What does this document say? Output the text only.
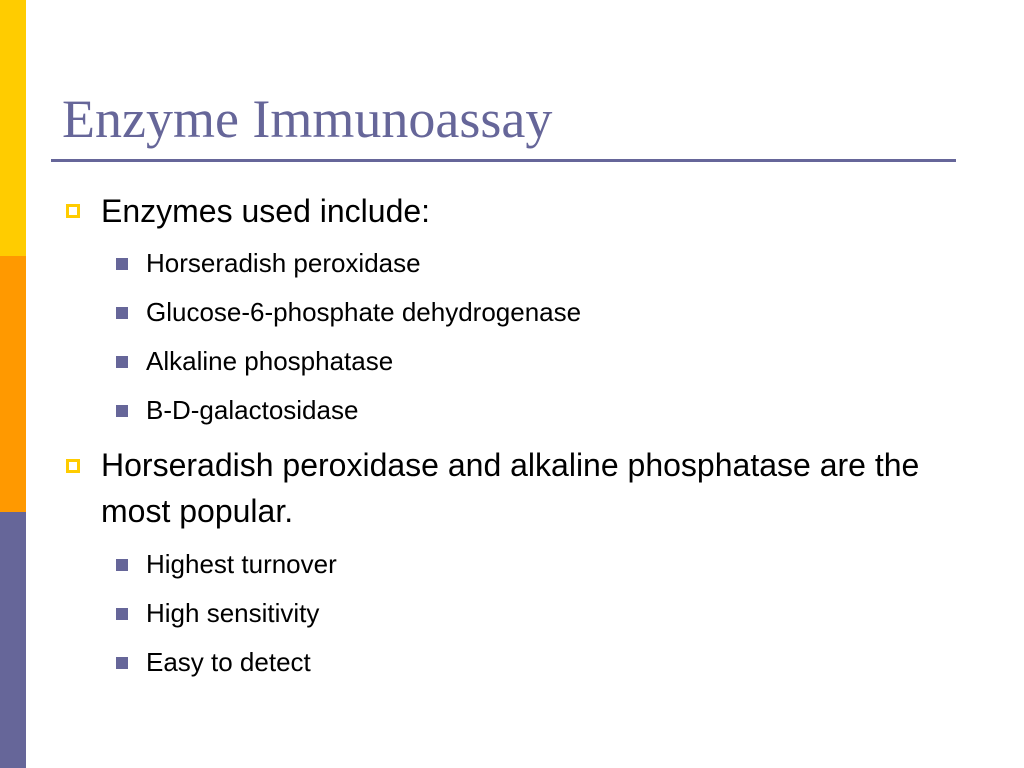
Enzyme Immunoassay
Enzymes used include:
Horseradish peroxidase
Glucose-6-phosphate dehydrogenase
Alkaline phosphatase
B-D-galactosidase
Horseradish peroxidase and alkaline phosphatase are the most popular.
Highest turnover
High sensitivity
Easy to detect
